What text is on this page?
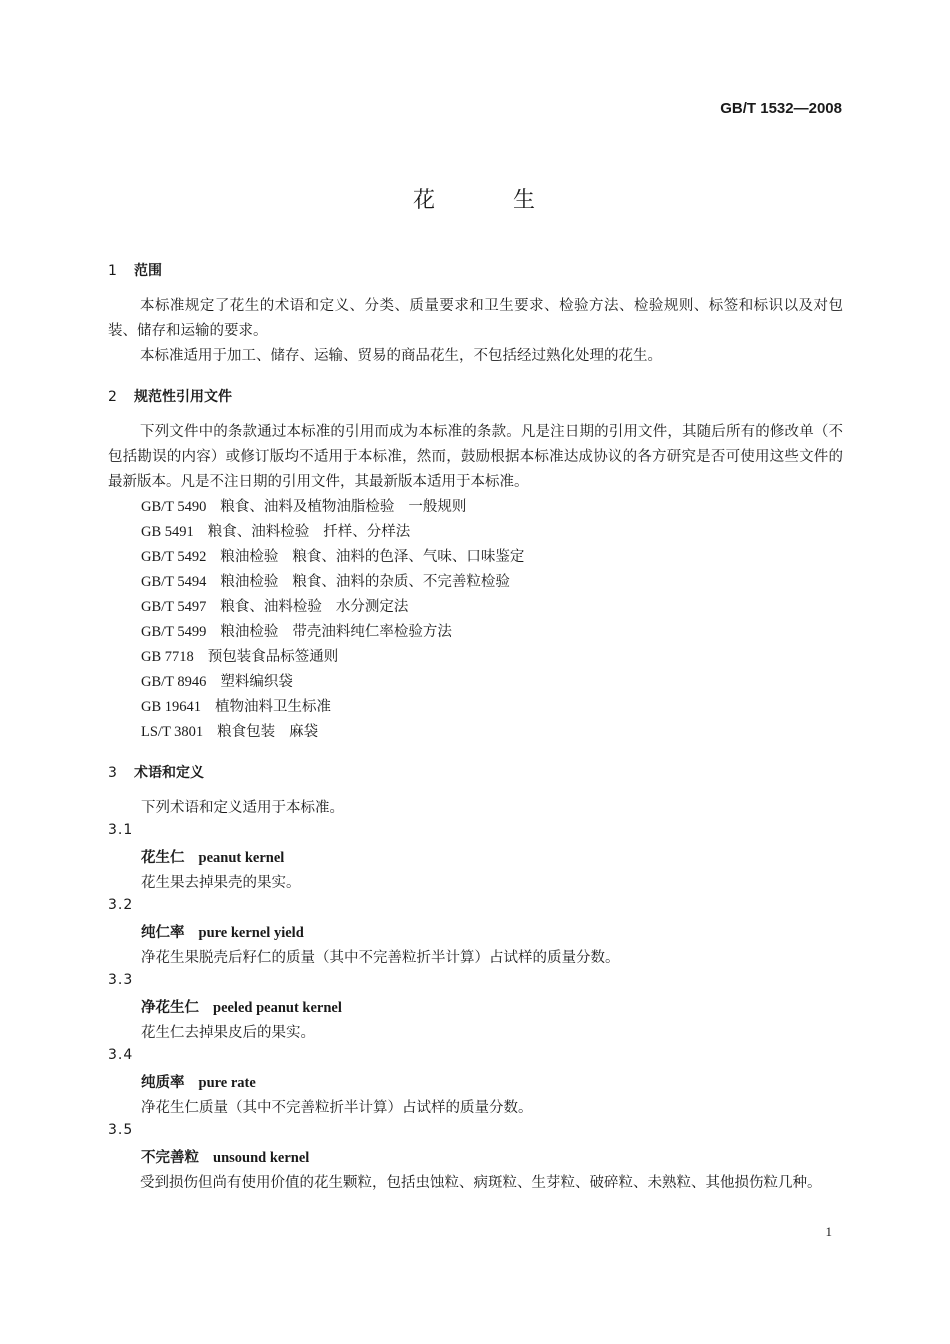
GB/T 1532—2008
花	生
1 范围
本标准规定了花生的术语和定义、分类、质量要求和卫生要求、检验方法、检验规则、标签和标识以及对包装、储存和运输的要求。
本标准适用于加工、储存、运输、贸易的商品花生，不包括经过熟化处理的花生。
2 规范性引用文件
下列文件中的条款通过本标准的引用而成为本标准的条款。凡是注日期的引用文件，其随后所有的修改单（不包括勘误的内容）或修订版均不适用于本标准，然而，鼓励根据本标准达成协议的各方研究是否可使用这些文件的最新版本。凡是不注日期的引用文件，其最新版本适用于本标准。
GB/T 5490 粮食、油料及植物油脂检验 一般规则
GB 5491 粮食、油料检验 扦样、分样法
GB/T 5492 粮油检验 粮食、油料的色泽、气味、口味鉴定
GB/T 5494 粮油检验 粮食、油料的杂质、不完善粒检验
GB/T 5497 粮食、油料检验 水分测定法
GB/T 5499 粮油检验 带壳油料纯仁率检验方法
GB 7718 预包装食品标签通则
GB/T 8946 塑料编织袋
GB 19641 植物油料卫生标准
LS/T 3801 粮食包装 麻袋
3 术语和定义
下列术语和定义适用于本标准。
3.1
花生仁 peanut kernel
花生果去掉果壳的果实。
3.2
纯仁率 pure kernel yield
净花生果脱壳后籽仁的质量（其中不完善粒折半计算）占试样的质量分数。
3.3
净花生仁 peeled peanut kernel
花生仁去掉果皮后的果实。
3.4
纯质率 pure rate
净花生仁质量（其中不完善粒折半计算）占试样的质量分数。
3.5
不完善粒 unsound kernel
受到损伤但尚有使用价值的花生颗粒，包括虫蚀粒、病斑粒、生芽粒、破碎粒、未熟粒、其他损伤粒几种。
1
